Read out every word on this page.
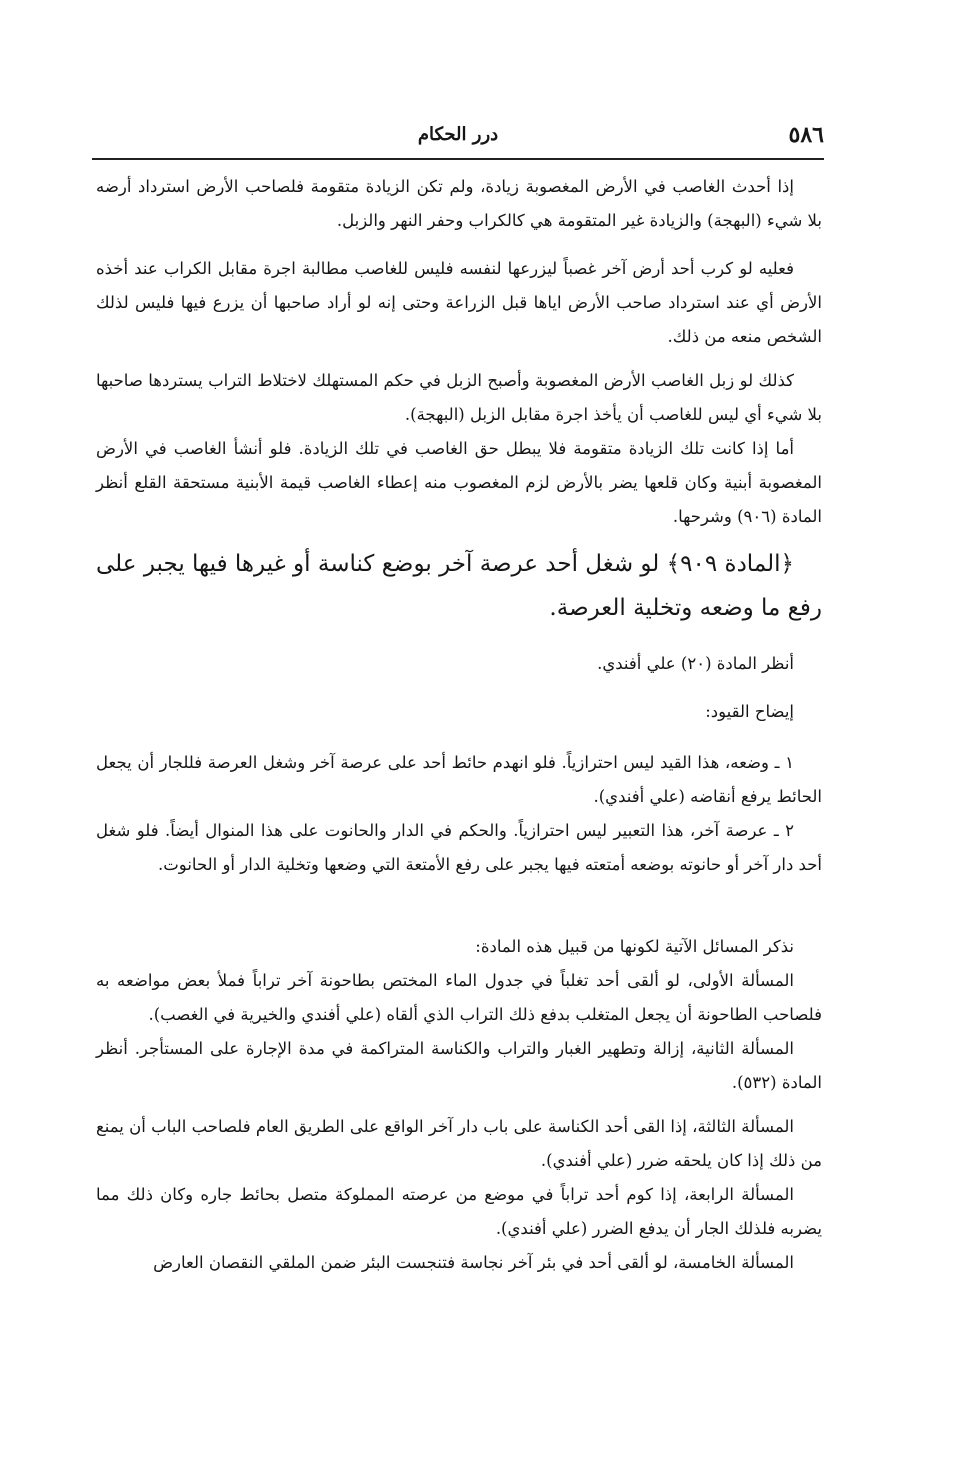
٥٨٦
درر الحكام

إذا أحدث الغاصب في الأرض المغصوبة زيادة، ولم تكن الزيادة متقومة فلصاحب الأرض استرداد أرضه بلا شيء (البهجة) والزيادة غير المتقومة هي كالكراب وحفر النهر والزبل.

فعليه لو كرب أحد أرض آخر غصباً ليزرعها لنفسه فليس للغاصب مطالبة اجرة مقابل الكراب عند أخذه الأرض أي عند استرداد صاحب الأرض اياها قبل الزراعة وحتى إنه لو أراد صاحبها أن يزرع فيها فليس لذلك الشخص منعه من ذلك.

كذلك لو زبل الغاصب الأرض المغصوبة وأصبح الزبل في حكم المستهلك لاختلاط التراب يستردها صاحبها بلا شيء أي ليس للغاصب أن يأخذ اجرة مقابل الزبل (البهجة).

أما إذا كانت تلك الزيادة متقومة فلا يبطل حق الغاصب في تلك الزيادة. فلو أنشأ الغاصب في الأرض المغصوبة أبنية وكان قلعها يضر بالأرض لزم المغصوب منه إعطاء الغاصب قيمة الأبنية مستحقة القلع أنظر المادة (٩٠٦) وشرحها.

﴿المادة ٩٠٩﴾ لو شغل أحد عرصة آخر بوضع كناسة أو غيرها فيها يجبر على رفع ما وضعه وتخلية العرصة.

أنظر المادة (٢٠) علي أفندي.

إيضاح القيود:

١ ـ وضعه، هذا القيد ليس احترازياً. فلو انهدم حائط أحد على عرصة آخر وشغل العرصة فللجار أن يجعل الحائط يرفع أنقاضه (علي أفندي).

٢ ـ عرصة آخر، هذا التعبير ليس احترازياً. والحكم في الدار والحانوت على هذا المنوال أيضاً. فلو شغل أحد دار آخر أو حانوته بوضعه أمتعته فيها يجبر على رفع الأمتعة التي وضعها وتخلية الدار أو الحانوت.

نذكر المسائل الآتية لكونها من قبيل هذه المادة:

المسألة الأولى، لو ألقى أحد تغلباً في جدول الماء المختص بطاحونة آخر تراباً فملأ بعض مواضعه به فلصاحب الطاحونة أن يجعل المتغلب بدفع ذلك التراب الذي ألقاه (علي أفندي والخيرية في الغصب).

المسألة الثانية، إزالة وتطهير الغبار والتراب والكناسة المتراكمة في مدة الإجارة على المستأجر. أنظر المادة (٥٣٢).

المسألة الثالثة، إذا القى أحد الكناسة على باب دار آخر الواقع على الطريق العام فلصاحب الباب أن يمنع من ذلك إذا كان يلحقه ضرر (علي أفندي).

المسألة الرابعة، إذا كوم أحد تراباً في موضع من عرصته المملوكة متصل بحائط جاره وكان ذلك مما يضربه فلذلك الجار أن يدفع الضرر (علي أفندي).

المسألة الخامسة، لو ألقى أحد في بئر آخر نجاسة فتنجست البئر ضمن الملقي النقصان العارض
